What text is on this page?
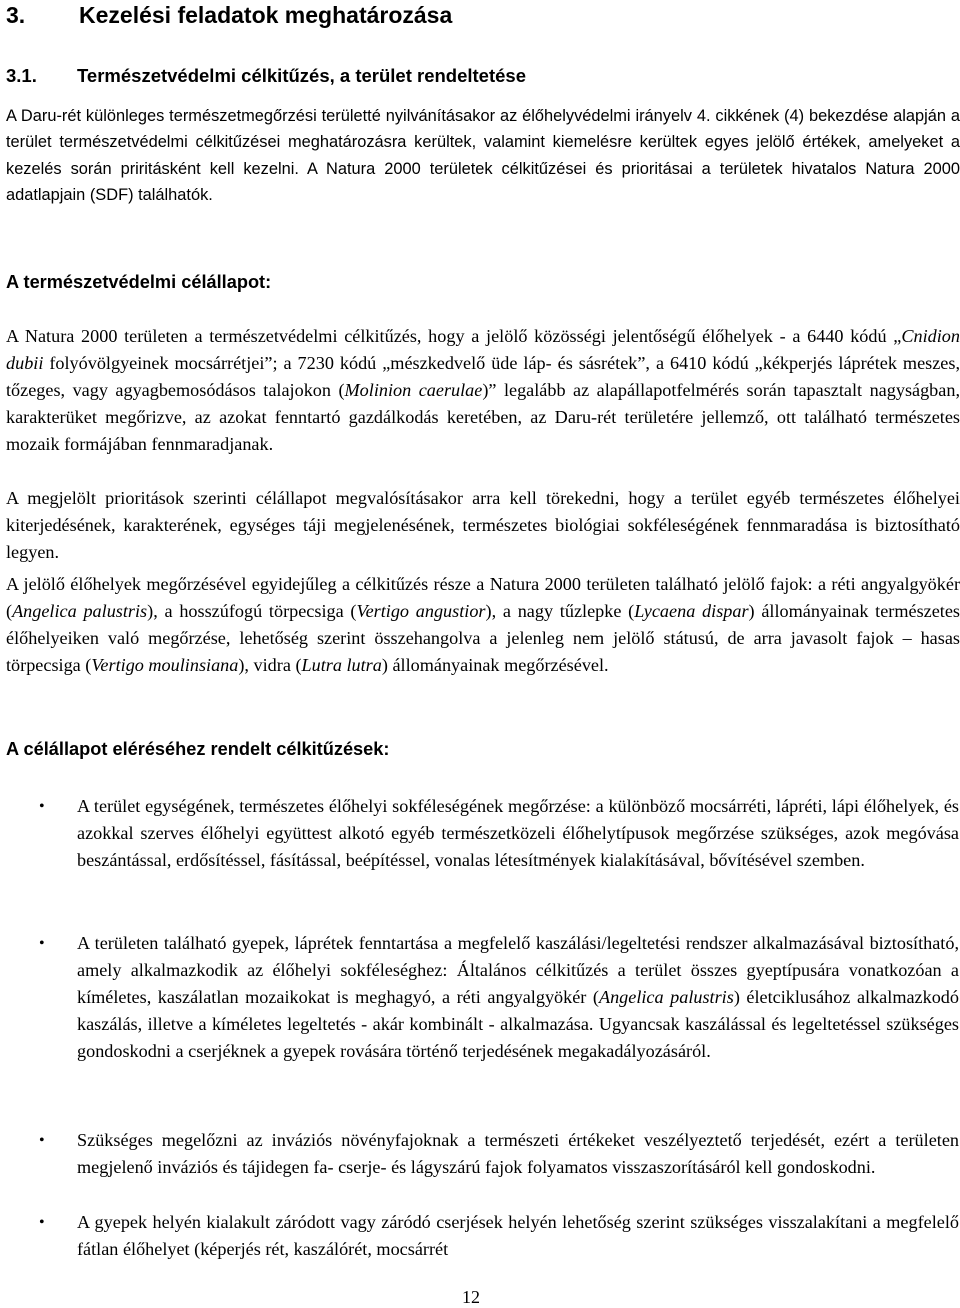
3. Kezelési feladatok meghatározása
3.1. Természetvédelmi célkitűzés, a terület rendeltetése

A Daru-rét különleges természetmegőrzési területté nyilvánításakor az élőhelyvédelmi irányelv 4. cikkének (4) bekezdése alapján a terület természetvédelmi célkitűzései meghatározásra kerültek, valamint kiemelésre kerültek egyes jelölő értékek, amelyeket a kezelés során priritásként kell kezelni. A Natura 2000 területek célkitűzései és prioritásai a területek hivatalos Natura 2000 adatlapjain (SDF) találhatók.

A természetvédelmi célállapot:

A Natura 2000 területen a természetvédelmi célkitűzés, hogy a jelölő közösségi jelentőségű élőhelyek - a 6440 kódú „Cnidion dubii folyóvölgyeinek mocsárrétjei”; a 7230 kódú „mészkedvelő üde láp- és sásrétek”, a 6410 kódú „kékperjés láprétek meszes, tőzeges, vagy agyagbemosódásos talajokon (Molinion caerulae)” legalább az alapállapotfelmérés során tapasztalt nagyságban, karakterüket megőrizve, az azokat fenntartó gazdálkodás keretében, az Daru-rét területére jellemző, ott található természetes mozaik formájában fennmaradjanak.

A megjelölt prioritások szerinti célállapot megvalósításakor arra kell törekedni, hogy a terület egyéb természetes élőhelyei kiterjedésének, karakterének, egységes táji megjelenésének, természetes biológiai sokféleségének fennmaradása is biztosítható legyen.

A jelölő élőhelyek megőrzésével egyidejűleg a célkitűzés része a Natura 2000 területen található jelölő fajok: a réti angyalgyökér (Angelica palustris), a hosszúfogú törpecsiga (Vertigo angustior), a nagy tűzlepke (Lycaena dispar) állományainak természetes élőhelyeiken való megőrzése, lehetőség szerint összehangolva a jelenleg nem jelölő státusú, de arra javasolt fajok – hasas törpecsiga (Vertigo moulinsiana), vidra (Lutra lutra) állományainak megőrzésével.

A célállapot eléréséhez rendelt célkitűzések:
• A terület egységének, természetes élőhelyi sokféleségének megőrzése: a különböző mocsárréti, lápréti, lápi élőhelyek, és azokkal szerves élőhelyi együttest alkotó egyéb természetközeli élőhelytípusok megőrzése szükséges, azok megóvása beszántással, erdősítéssel, fásítással, beépítéssel, vonalas létesítmények kialakításával, bővítésével szemben.

• A területen található gyepek, láprétek fenntartása a megfelelő kaszálási/legeltetési rendszer alkalmazásával biztosítható, amely alkalmazkodik az élőhelyi sokféleséghez: Általános célkitűzés a terület összes gyeptípusára vonatkozóan a kíméletes, kaszálatlan mozaikokat is meghagyó, a réti angyalgyökér (Angelica palustris) életciklusához alkalmazkodó kaszálás, illetve a kíméletes legeltetés - akár kombinált - alkalmazása. Ugyancsak kaszálással és legeltetéssel szükséges gondoskodni a cserjéknek a gyepek rovására történő terjedésének megakadályozásáról.

• Szükséges megelőzni az inváziós növényfajoknak a természeti értékeket veszélyeztető terjedését, ezért a területen megjelenő inváziós és tájidegen fa- cserje- és lágyszárú fajok folyamatos visszaszorításáról kell gondoskodni.

• A gyepek helyén kialakult záródott vagy záródó cserjések helyén lehetőség szerint szükséges visszalakítani a megfelelő fátlan élőhelyet (képerjés rét, kaszálórét, mocsárrét

12
